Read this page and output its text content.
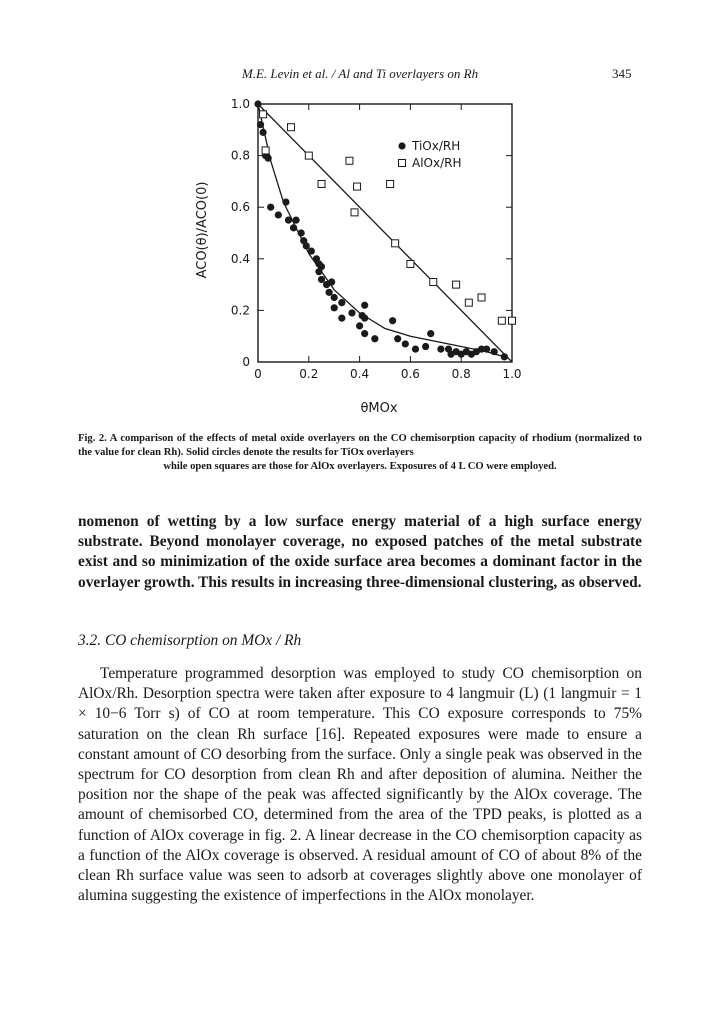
M.E. Levin et al. / Al and Ti overlayers on Rh	345
0	0.2	0.4	0.6	0.8	1.0
0
0.2
0.4
0.6
0.8
1.0
TiOx/RH
AlOx/RH
θMOx
ACO(θ)/ACO(0)
Fig. 2. A comparison of the effects of metal oxide overlayers on the CO chemisorption capacity of rhodium (normalized to the value for clean Rh). Solid circles denote the results for TiOx overlayers
while open squares are those for AlOx overlayers. Exposures of 4 L CO were employed.

nomenon of wetting by a low surface energy material of a high surface energy substrate. Beyond monolayer coverage, no exposed patches of the metal substrate exist and so minimization of the oxide surface area becomes a dominant factor in the overlayer growth. This results in increasing three-dimensional clustering, as observed.

3.2. CO chemisorption on MOx / Rh

Temperature programmed desorption was employed to study CO chemisorption on AlOx/Rh. Desorption spectra were taken after exposure to 4 langmuir (L) (1 langmuir = 1 × 10−6 Torr s) of CO at room temperature. This CO exposure corresponds to 75% saturation on the clean Rh surface [16]. Repeated exposures were made to ensure a constant amount of CO desorbing from the surface. Only a single peak was observed in the spectrum for CO desorption from clean Rh and after deposition of alumina. Neither the position nor the shape of the peak was affected significantly by the AlOx coverage. The amount of chemisorbed CO, determined from the area of the TPD peaks, is plotted as a function of AlOx coverage in fig. 2. A linear decrease in the CO chemisorption capacity as a function of the AlOx coverage is observed. A residual amount of CO of about 8% of the clean Rh surface value was seen to adsorb at coverages slightly above one monolayer of alumina suggesting the existence of imperfections in the AlOx monolayer.
